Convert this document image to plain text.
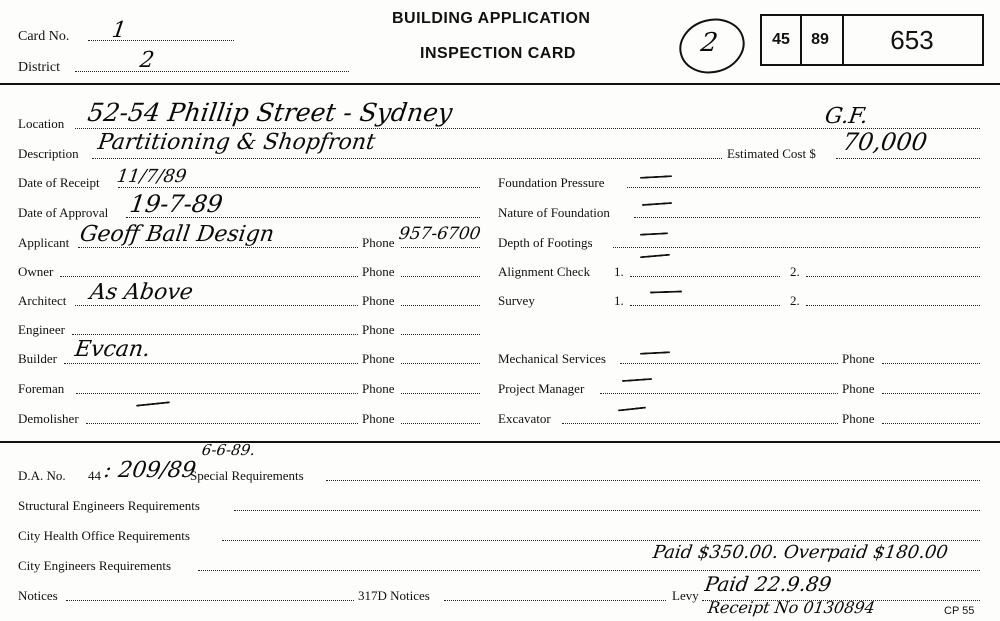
Card No. 1
District	2
BUILDING APPLICATION
INSPECTION CARD	2	45 89 653
Location 52-54 Phillip Street - Sydney	G.F.
Description Partitioning & Shopfront	Estimated Cost $ 70,000
Date of Receipt 11/7/89
Date of Approval 19-7-89
Applicant Geoff Ball Design	Phone 957-6700
Owner	Phone
Architect As Above	Phone
Engineer	Phone
Builder Evcan.	Phone
Foreman	Phone
Demolisher	Phone
Foundation Pressure
Nature of Foundation
Depth of Footings
Alignment Check 1.	2.
Survey	1.	2.
Mechanical Services	Phone
Project Manager	Phone
Excavator	Phone
D.A. No. 44 : 209/89
6-6-89.
Special Requirements
Structural Engineers Requirements
City Health Office Requirements
City Engineers Requirements
Paid $350.00. Overpaid $180.00
Notices	317D Notices	Levy Paid 22.9.89
Receipt No 0130894	CP 55
